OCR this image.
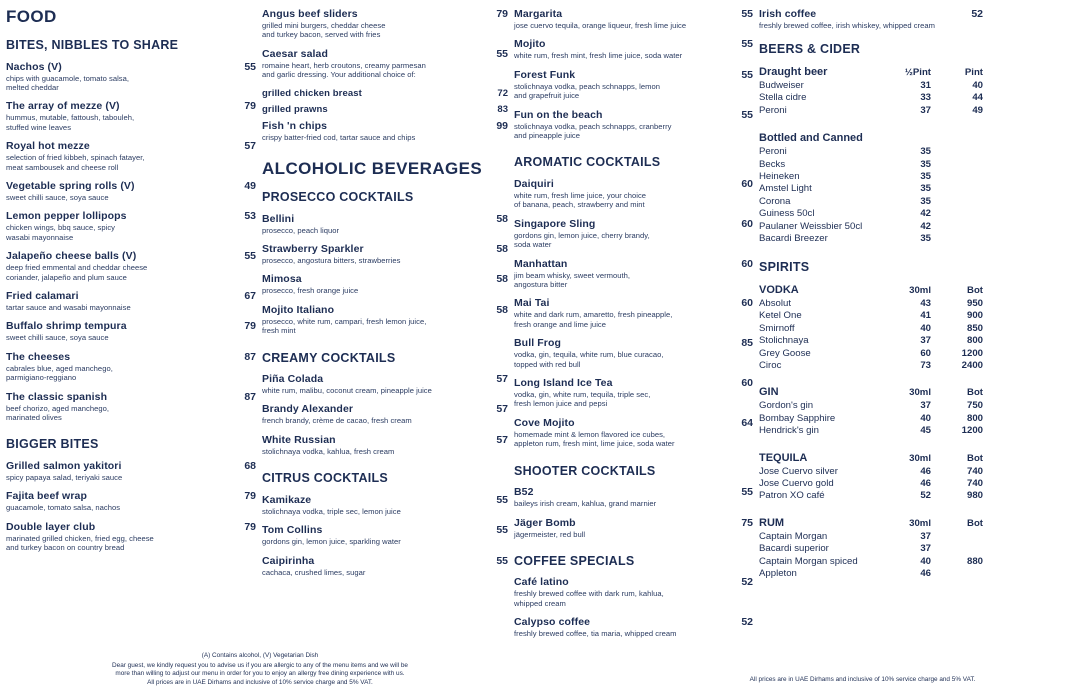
FOOD
BITES, NIBBLES TO SHARE
Nachos (V)	55
chips with guacamole, tomato salsa,
melted cheddar
The array of mezze (V)	79
hummus, mutable, fattoush, tabouleh,
stuffed wine leaves
Royal hot mezze	57
selection of fried kibbeh, spinach fatayer,
meat sambousek and cheese roll
Vegetable spring rolls (V)	49
sweet chilli sauce, soya sauce
Lemon pepper lollipops	53
chicken wings, bbq sauce, spicy
wasabi mayonnaise
Jalapeño cheese balls (V)	55
deep fried emmental and cheddar cheese
coriander, jalapeño and plum sauce
Fried calamari	67
tartar sauce and wasabi mayonnaise
Buffalo shrimp tempura	79
sweet chilli sauce, soya sauce
The cheeses	87
cabrales blue, aged manchego,
parmigiano-reggiano
The classic spanish	87
beef chorizo, aged manchego,
marinated olives
BIGGER BITES
Grilled salmon yakitori	68
spicy papaya salad, teriyaki sauce
Fajita beef wrap	79
guacamole, tomato salsa, nachos
Double layer club	79
marinated grilled chicken, fried egg, cheese
and turkey bacon on country bread
Angus beef sliders	79
grilled mini burgers, cheddar cheese
and turkey bacon, served with fries
Caesar salad	55
romaine heart, herb croutons, creamy parmesan
and garlic dressing. Your additional choice of:
grilled chicken breast	72
grilled prawns	83
Fish 'n chips	99
crispy batter-fried cod, tartar sauce and chips
ALCOHOLIC BEVERAGES
PROSECCO COCKTAILS
Bellini	58
prosecco, peach liquor
Strawberry Sparkler	58
prosecco, angostura bitters, strawberries
Mimosa	58
prosecco, fresh orange juice
Mojito Italiano	58
prosecco, white rum, campari, fresh lemon juice,
fresh mint
CREAMY COCKTAILS
Piña Colada	57
white rum, malibu, coconut cream, pineapple juice
Brandy Alexander	57
french brandy, crème de cacao, fresh cream
White Russian	57
stolichnaya vodka, kahlua, fresh cream
CITRUS COCKTAILS
Kamikaze	55
stolichnaya vodka, triple sec, lemon juice
Tom Collins	55
gordons gin, lemon juice, sparkling water
Caipirinha	55
cachaca, crushed limes, sugar
Margarita	55
jose cuervo tequila, orange liqueur, fresh lime juice
Mojito	55
white rum, fresh mint, fresh lime juice, soda water
Forest Funk	55
stolichnaya vodka, peach schnapps, lemon
and grapefruit juice
Fun on the beach	55
stolichnaya vodka, peach schnapps, cranberry
and pineapple juice
AROMATIC COCKTAILS
Daiquiri	60
white rum, fresh lime juice, your choice
of banana, peach, strawberry and mint
Singapore Sling	60
gordons gin, lemon juice, cherry brandy,
soda water
Manhattan	60
jim beam whisky, sweet vermouth,
angostura bitter
Mai Tai	60
white and dark rum, amaretto, fresh pineapple,
fresh orange and lime juice
Bull Frog	85
vodka, gin, tequila, white rum, blue curacao,
topped with red bull
Long Island Ice Tea	60
vodka, gin, white rum, tequila, triple sec,
fresh lemon juice and pepsi
Cove Mojito	64
homemade mint & lemon flavored ice cubes,
appleton rum, fresh mint, lime juice, soda water
SHOOTER COCKTAILS
B52	55
baileys irish cream, kahlua, grand marnier
Jäger Bomb	75
jägermeister, red bull
COFFEE SPECIALS
Café latino	52
freshly brewed coffee with dark rum, kahlua,
whipped cream
Calypso coffee	52
freshly brewed coffee, tia maria, whipped cream
Irish coffee	52
freshly brewed coffee, irish whiskey, whipped cream
BEERS & CIDER
Draught beer	½Pint	Pint
Budweiser	31	40
Stella cidre	33	44
Peroni	37	49
Bottled and Canned		
Peroni	35	
Becks	35	
Heineken	35	
Amstel Light	35	
Corona	35	
Guiness 50cl	42	
Paulaner Weissbier 50cl	42	
Bacardi Breezer	35	
SPIRITS
VODKA	30ml	Bot
Absolut	43	950
Ketel One	41	900
Smirnoff	40	850
Stolichnaya	37	800
Grey Goose	60	1200
Ciroc	73	2400
GIN	30ml	Bot
Gordon's gin	37	750
Bombay Sapphire	40	800
Hendrick's gin	45	1200
TEQUILA	30ml	Bot
Jose Cuervo silver	46	740
Jose Cuervo gold	46	740
Patron XO café	52	980
RUM	30ml	Bot
Captain Morgan	37	
Bacardi superior	37	
Captain Morgan spiced	40	880
Appleton	46	
(A) Contains alcohol, (V) Vegetarian Dish
Dear guest, we kindly request you to advise us if you are allergic to any of the menu items and we will be
more than willing to adjust our menu in order for you to enjoy an allergy free dining experience with us.
All prices are in UAE Dirhams and inclusive of 10% service charge and 5% VAT.	All prices are in UAE Dirhams and inclusive of 10% service charge and 5% VAT.
